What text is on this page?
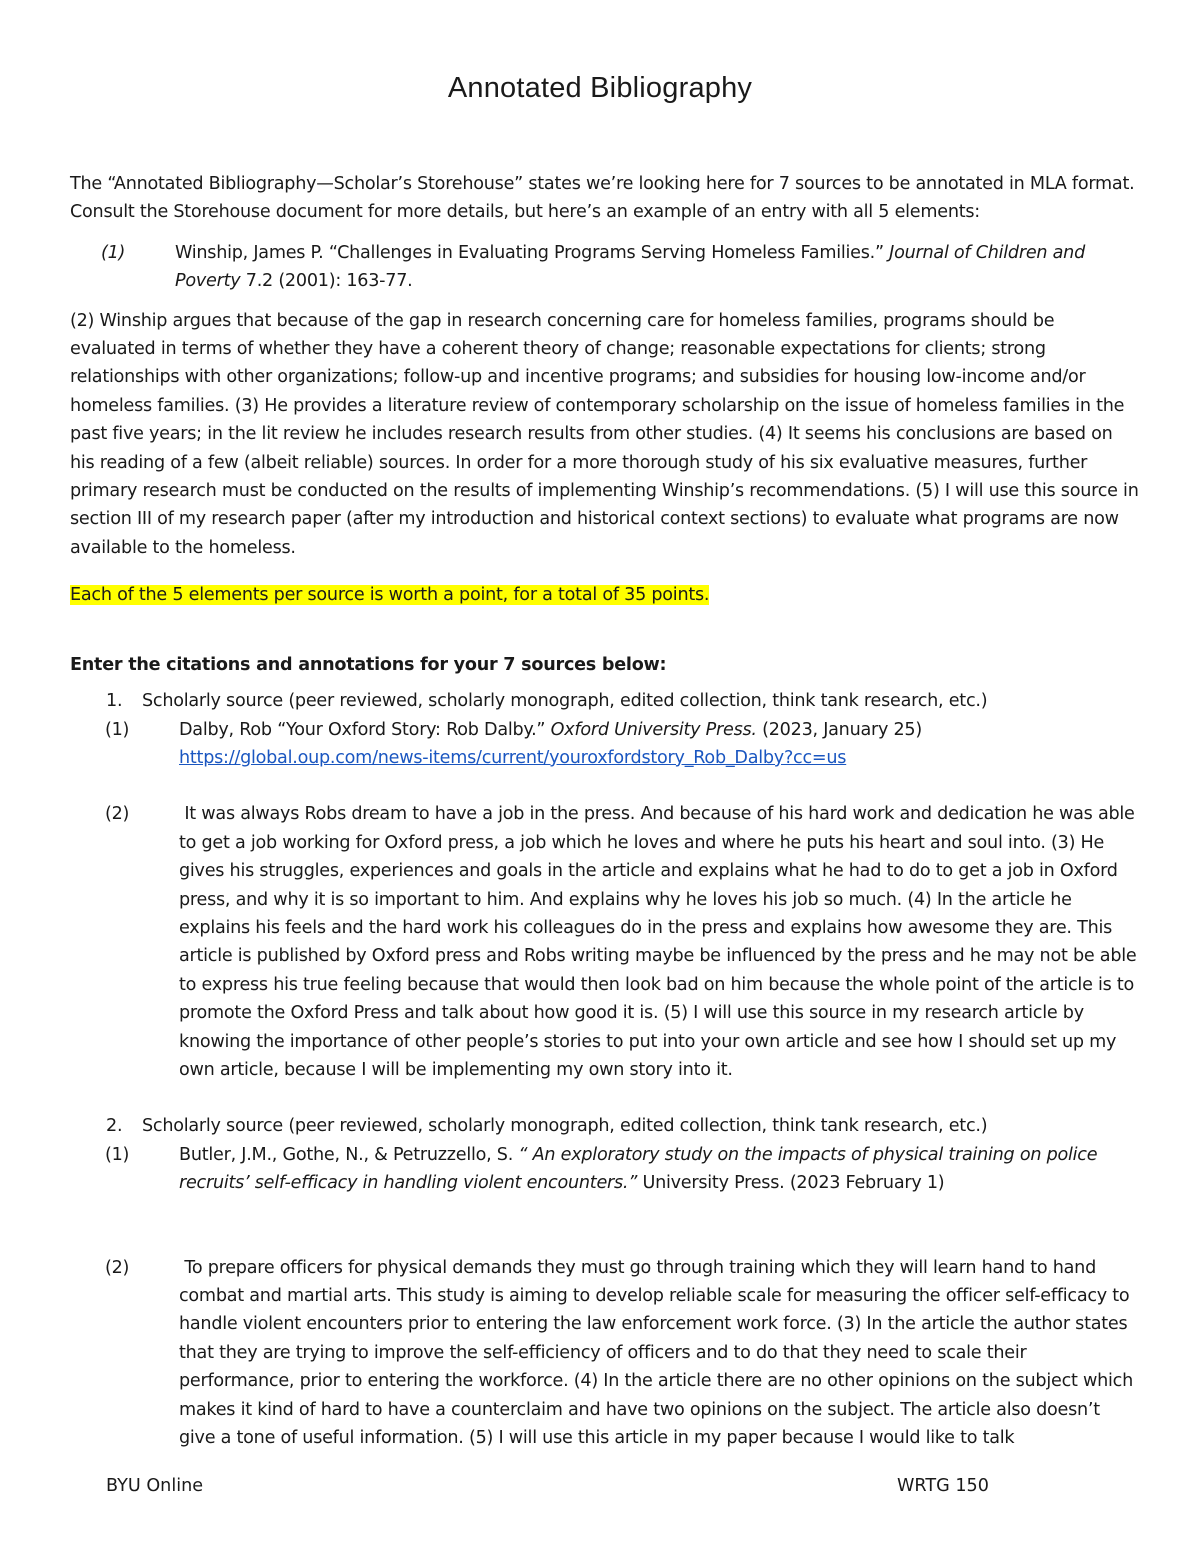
Annotated Bibliography

The “Annotated Bibliography—Scholar’s Storehouse” states we’re looking here for 7 sources to be annotated in MLA format. Consult the Storehouse document for more details, but here’s an example of an entry with all 5 elements:

(1)	Winship, James P. “Challenges in Evaluating Programs Serving Homeless Families.” Journal of Children and Poverty 7.2 (2001): 163-77.

(2) Winship argues that because of the gap in research concerning care for homeless families, programs should be evaluated in terms of whether they have a coherent theory of change; reasonable expectations for clients; strong relationships with other organizations; follow-up and incentive programs; and subsidies for housing low-income and/or homeless families. (3) He provides a literature review of contemporary scholarship on the issue of homeless families in the past five years; in the lit review he includes research results from other studies. (4) It seems his conclusions are based on his reading of a few (albeit reliable) sources. In order for a more thorough study of his six evaluative measures, further primary research must be conducted on the results of implementing Winship’s recommendations. (5) I will use this source in section III of my research paper (after my introduction and historical context sections) to evaluate what programs are now available to the homeless.

Each of the 5 elements per source is worth a point, for a total of 35 points.

Enter the citations and annotations for your 7 sources below:

1.	Scholarly source (peer reviewed, scholarly monograph, edited collection, think tank research, etc.)

(1)	Dalby, Rob “Your Oxford Story: Rob Dalby.” Oxford University Press. (2023, January 25)

https://global.oup.com/news-items/current/youroxfordstory_Rob_Dalby?cc=us

(2)	It was always Robs dream to have a job in the press. And because of his hard work and dedication he was able to get a job working for Oxford press, a job which he loves and where he puts his heart and soul into. (3) He gives his struggles, experiences and goals in the article and explains what he had to do to get a job in Oxford press, and why it is so important to him. And explains why he loves his job so much. (4) In the article he explains his feels and the hard work his colleagues do in the press and explains how awesome they are. This article is published by Oxford press and Robs writing maybe be influenced by the press and he may not be able to express his true feeling because that would then look bad on him because the whole point of the article is to promote the Oxford Press and talk about how good it is. (5) I will use this source in my research article by knowing the importance of other people’s stories to put into your own article and see how I should set up my own article, because I will be implementing my own story into it.

2.	Scholarly source (peer reviewed, scholarly monograph, edited collection, think tank research, etc.)

(1)	Butler, J.M., Gothe, N., & Petruzzello, S. “ An exploratory study on the impacts of physical training on police recruits’ self-efficacy in handling violent encounters.” University Press. (2023 February 1)

(2)	To prepare officers for physical demands they must go through training which they will learn hand to hand combat and martial arts. This study is aiming to develop reliable scale for measuring the officer self-efficacy to handle violent encounters prior to entering the law enforcement work force. (3) In the article the author states that they are trying to improve the self-efficiency of officers and to do that they need to scale their performance, prior to entering the workforce. (4) In the article there are no other opinions on the subject which makes it kind of hard to have a counterclaim and have two opinions on the subject. The article also doesn’t give a tone of useful information. (5) I will use this article in my paper because I would like to talk

BYU Online	WRTG 150
